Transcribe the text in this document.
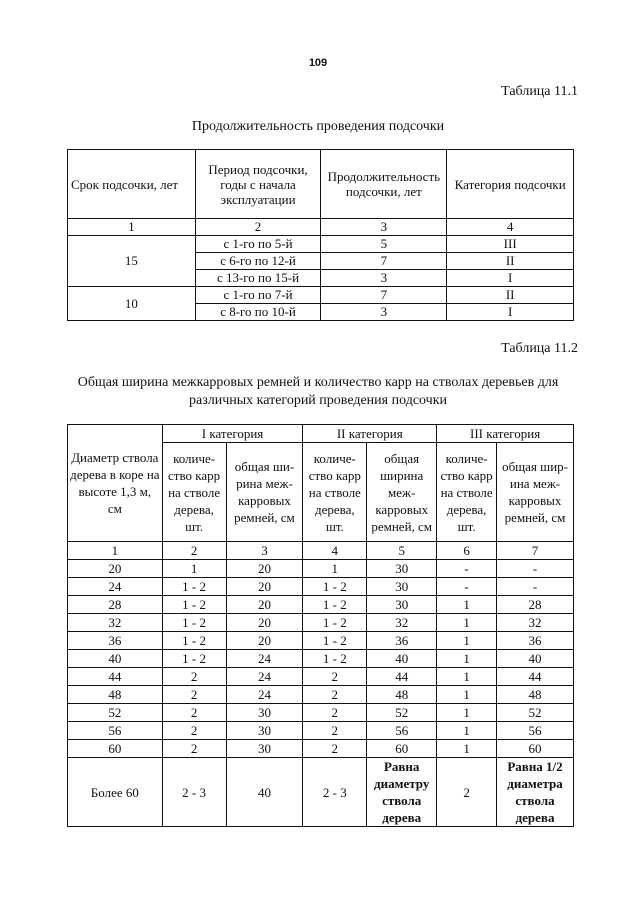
109
Таблица 11.1
Продолжительность проведения подсочки
Срок подсочки, лет	Период подсочки, годы с начала эксплуатации	Продолжительность подсочки, лет	Категория подсочки
1	2	3	4
15	с 1-го по 5-й	5	III
	с 6-го по 12-й	7	II
	с 13-го по 15-й	3	I
10	с 1-го по 7-й	7	II
	с 8-го по 10-й	3	I
Таблица 11.2
Общая ширина межкарровых ремней и количество карр на стволах деревьев для
различных категорий проведения подсочки
Диаметр ствола дерева в коре на высоте 1,3 м, см	I категория		II категория		III категория	
	количе-ство карр на стволе дерева, шт.	общая ши-рина меж-карровых ремней, см	количе-ство карр на стволе дерева, шт.	общая ширина меж-карровых ремней, см	количе-ство карр на стволе дерева, шт.	общая шир-ина меж-карровых ремней, см
1	2	3	4	5	6	7
20	1	20	1	30	-	-
24	1 - 2	20	1 - 2	30	-	-
28	1 - 2	20	1 - 2	30	1	28
32	1 - 2	20	1 - 2	32	1	32
36	1 - 2	20	1 - 2	36	1	36
40	1 - 2	24	1 - 2	40	1	40
44	2	24	2	44	1	44
48	2	24	2	48	1	48
52	2	30	2	52	1	52
56	2	30	2	56	1	56
60	2	30	2	60	1	60
Более 60	2 - 3	40	2 - 3	Равна диаметру ствола дерева	2	Равна 1/2 диаметра ствола дерева
